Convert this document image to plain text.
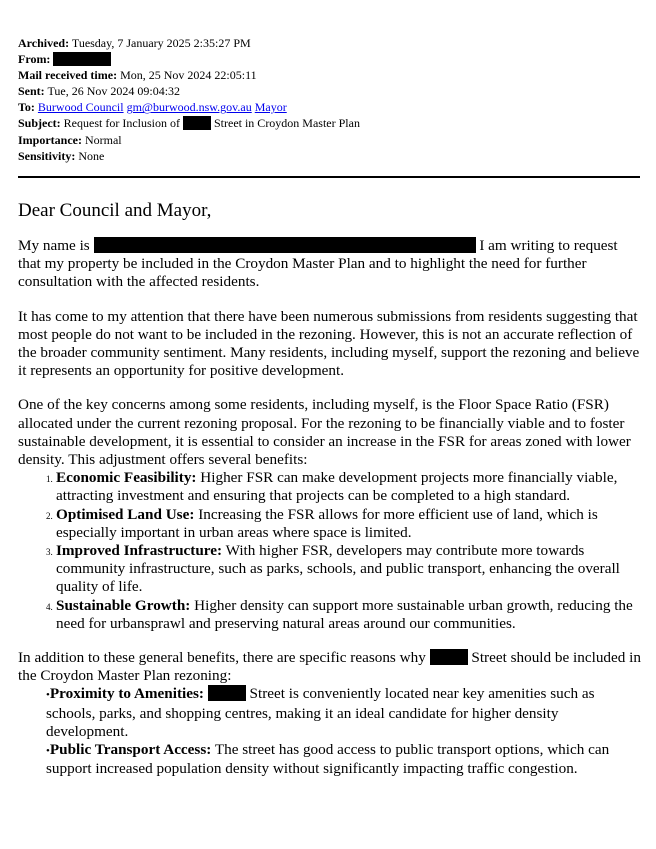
Archived: Tuesday, 7 January 2025 2:35:27 PM
From:
Mail received time: Mon, 25 Nov 2024 22:05:11
Sent: Tue, 26 Nov 2024 09:04:32
To: Burwood Council gm@burwood.nsw.gov.au Mayor
Subject: Request for Inclusion of	Street in Croydon Master Plan
Importance: Normal
Sensitivity: None

Dear Council and Mayor,

My name is	I am writing to request that my property be included in the Croydon Master Plan and to highlight the need for further consultation with the affected residents.

It has come to my attention that there have been numerous submissions from residents suggesting that most people do not want to be included in the rezoning. However, this is not an accurate reflection of the broader community sentiment. Many residents, including myself, support the rezoning and believe it represents an opportunity for positive development.

One of the key concerns among some residents, including myself, is the Floor Space Ratio (FSR) allocated under the current rezoning proposal. For the rezoning to be financially viable and to foster sustainable development, it is essential to consider an increase in the FSR for areas zoned with lower density. This adjustment offers several benefits:

1. Economic Feasibility: Higher FSR can make development projects more financially viable, attracting investment and ensuring that projects can be completed to a high standard.
2. Optimised Land Use: Increasing the FSR allows for more efficient use of land, which is especially important in urban areas where space is limited.
3. Improved Infrastructure: With higher FSR, developers may contribute more towards community infrastructure, such as parks, schools, and public transport, enhancing the overall quality of life.
4. Sustainable Growth: Higher density can support more sustainable urban growth, reducing the need for urbansprawl and preserving natural areas around our communities.

In addition to these general benefits, there are specific reasons why	Street should be included in the Croydon Master Plan rezoning:

•Proximity to Amenities:	Street is conveniently located near key amenities such as schools, parks, and shopping centres, making it an ideal candidate for higher density development.
•Public Transport Access: The street has good access to public transport options, which can support increased population density without significantly impacting traffic congestion.
